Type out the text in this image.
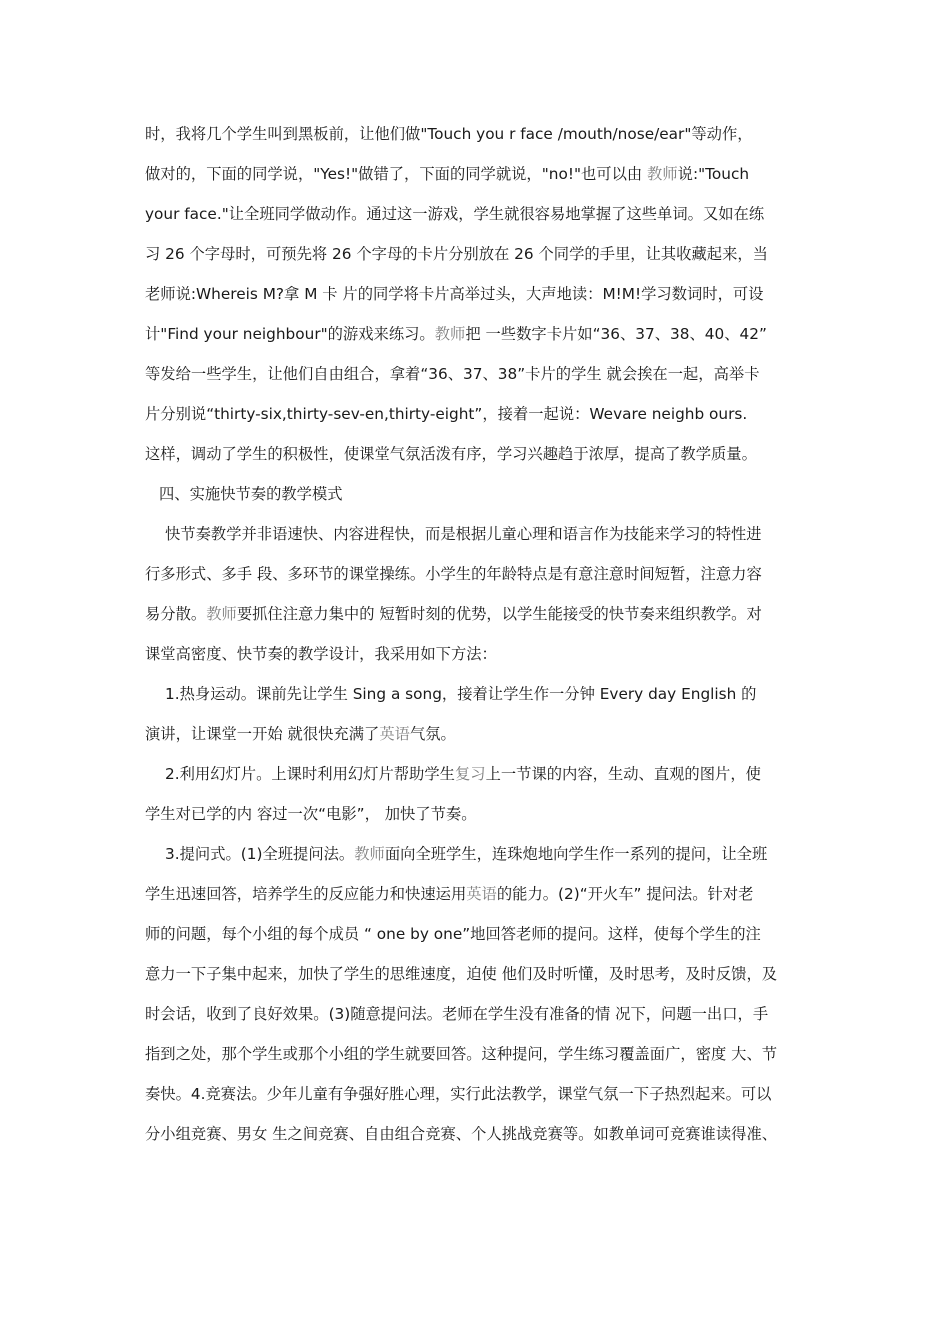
时，我将几个学生叫到黑板前，让他们做"Touch you r face /mouth/nose/ear"等动作，
做对的，下面的同学说，"Yes!"做错了，下面的同学就说，"no!"也可以由 教师说:"Touch
your face."让全班同学做动作。通过这一游戏，学生就很容易地掌握了这些单词。又如在练
习 26 个字母时，可预先将 26 个字母的卡片分别放在 26 个同学的手里，让其收藏起来，当
老师说:Whereis M?拿 M 卡 片的同学将卡片高举过头，大声地读：M!M!学习数词时，可设
计"Find your neighbour"的游戏来练习。教师把 一些数字卡片如“36、37、38、40、42”
等发给一些学生，让他们自由组合，拿着“36、37、38”卡片的学生 就会挨在一起，高举卡
片分别说“thirty-six,thirty-sev-en,thirty-eight”，接着一起说：Wevare neighb ours.
这样，调动了学生的积极性，使课堂气氛活泼有序，学习兴趣趋于浓厚，提高了教学质量。
四、实施快节奏的教学模式
快节奏教学并非语速快、内容进程快，而是根据儿童心理和语言作为技能来学习的特性进
行多形式、多手 段、多环节的课堂操练。小学生的年龄特点是有意注意时间短暂，注意力容
易分散。教师要抓住注意力集中的 短暂时刻的优势，以学生能接受的快节奏来组织教学。对
课堂高密度、快节奏的教学设计，我采用如下方法：
1.热身运动。课前先让学生 Sing a song，接着让学生作一分钟 Every day English 的
演讲，让课堂一开始 就很快充满了英语气氛。
2.利用幻灯片。上课时利用幻灯片帮助学生复习上一节课的内容，生动、直观的图片，使
学生对已学的内 容过一次“电影”， 加快了节奏。
3.提问式。(1)全班提问法。教师面向全班学生，连珠炮地向学生作一系列的提问，让全班
学生迅速回答，培养学生的反应能力和快速运用英语的能力。(2)“开火车” 提问法。针对老
师的问题，每个小组的每个成员 “ one by one”地回答老师的提问。这样，使每个学生的注
意力一下子集中起来，加快了学生的思维速度，迫使 他们及时听懂，及时思考，及时反馈，及
时会话，收到了良好效果。(3)随意提问法。老师在学生没有准备的情 况下，问题一出口，手
指到之处，那个学生或那个小组的学生就要回答。这种提问，学生练习覆盖面广，密度 大、节
奏快。4.竞赛法。少年儿童有争强好胜心理，实行此法教学，课堂气氛一下子热烈起来。可以
分小组竞赛、男女 生之间竞赛、自由组合竞赛、个人挑战竞赛等。如教单词可竞赛谁读得准、
